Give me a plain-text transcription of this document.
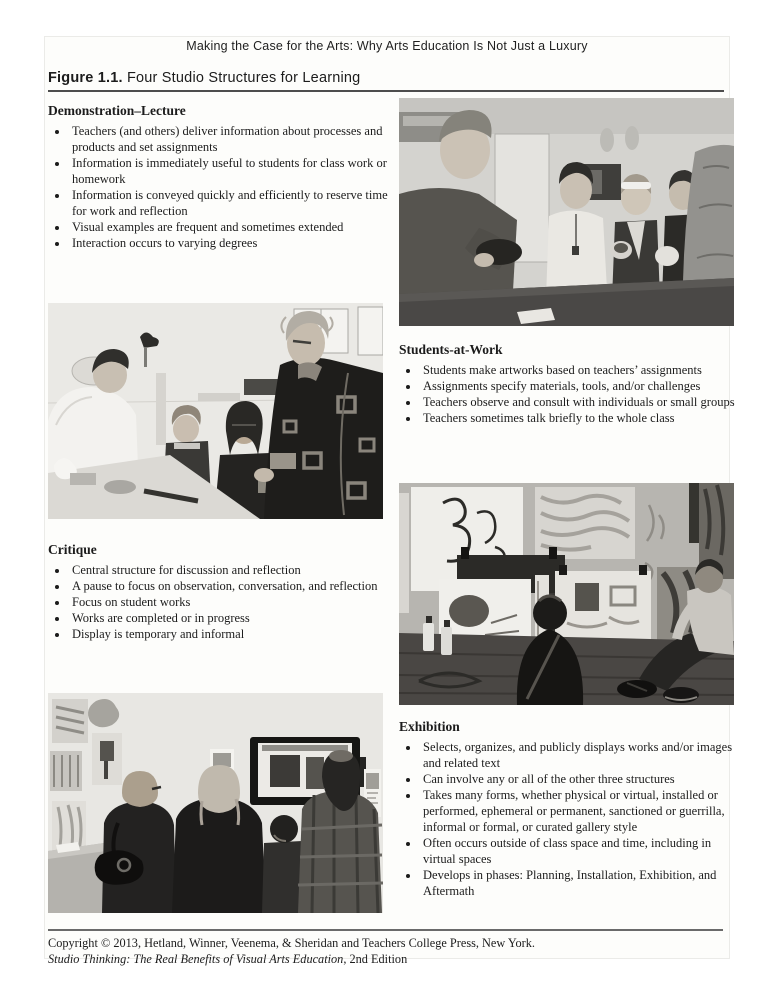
Making the Case for the Arts: Why Arts Education Is Not Just a Luxury
Figure 1.1. Four Studio Structures for Learning
Demonstration–Lecture
• Teachers (and others) deliver information about processes and products and set assignments
• Information is immediately useful to students for class work or homework
• Information is conveyed quickly and efficiently to reserve time for work and reflection
• Visual examples are frequent and sometimes extended
• Interaction occurs to varying degrees
Students-at-Work
• Students make artworks based on teachers’ assignments
• Assignments specify materials, tools, and/or challenges
• Teachers observe and consult with individuals or small groups
• Teachers sometimes talk briefly to the whole class
Critique
• Central structure for discussion and reflection
• A pause to focus on observation, conversation, and reflection
• Focus on student works
• Works are completed or in progress
• Display is temporary and informal
Exhibition
• Selects, organizes, and publicly displays works and/or images and related text
• Can involve any or all of the other three structures
• Takes many forms, whether physical or virtual, installed or performed, ephemeral or permanent, sanctioned or guerrilla, informal or formal, or curated gallery style
• Often occurs outside of class space and time, including in virtual spaces
• Develops in phases: Planning, Installation, Exhibition, and Aftermath
Copyright © 2013, Hetland, Winner, Veenema, & Sheridan and Teachers College Press, New York.
Studio Thinking: The Real Benefits of Visual Arts Education, 2nd Edition
